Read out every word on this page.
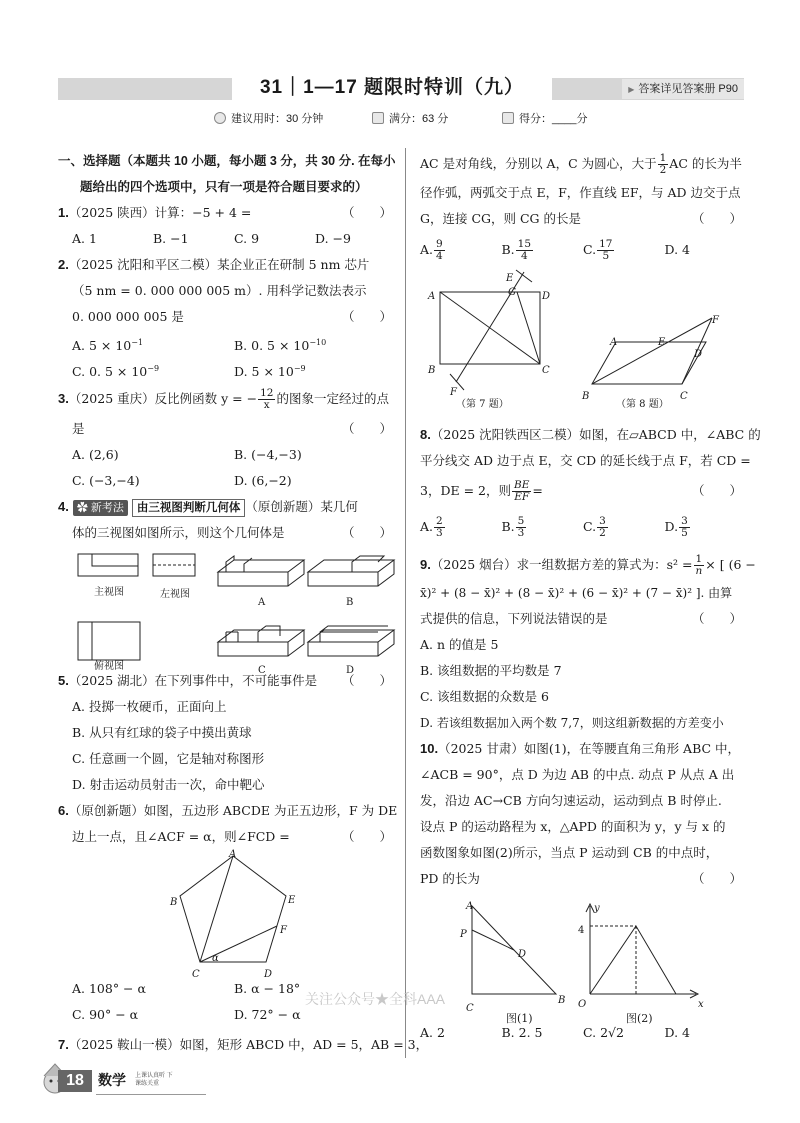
31｜1—17 题限时特训（九）	▶ 答案详见答案册 P90
建议用时：30 分钟	满分：63 分	得分：____分
一、选择题（本题共 10 小题，每小题 3 分，共 30 分. 在每小
题给出的四个选项中，只有一项是符合题目要求的）
1.（2025 陕西）计算：−5 + 4 =	（　　）
A. 1	B. −1	C. 9	D. −9
2.（2025 沈阳和平区二模）某企业正在研制 5 nm 芯片
（5 nm = 0. 000 000 005 m）. 用科学记数法表示
0. 000 000 005 是	（　　）
A. $5 \times 10^{-1}$	B. 0. $5 \times 10^{-10}$
C. 0. $5 \times 10^{-9}$	D. $5 \times 10^{-9}$
3.（2025 重庆）反比例函数 y = − $\frac{12}{x}$ 的图象一定经过的点
是	（　　）
A. (2,6)	B. (−4,−3)
C. (−3,−4)	D. (6,−2)
4. ✿ 新考法 由三视图判断几何体 （原创新题）某几何
体的三视图如图所示，则这个几何体是	（　　）
主视图	左视图
俯视图
A	B
C	D
5.（2025 湖北）在下列事件中，不可能事件是 （　　）
A. 投掷一枚硬币，正面向上
B. 从只有红球的袋子中摸出黄球
C. 任意画一个圆，它是轴对称图形
D. 射击运动员射击一次，命中靶心
6.（原创新题）如图，五边形 ABCDE 为正五边形，F 为 DE
边上一点，且∠ACF = α，则∠FCD =	（　　）
A
B
C	D
E
F
α
A. 108° − α	B. α − 18°
C. 90° − α	D. 72° − α
7.（2025 鞍山一模）如图，矩形 ABCD 中，AD = 5，AB = 3，
AC 是对角线，分别以 A，C 为圆心，大于 $\frac{1}{2}$ AC 的长为半
径作弧，两弧交于点 E，F，作直线 EF，与 AD 边交于点
G，连接 CG，则 CG 的长是	（　　）
A. $\frac{9}{4}$	B. $\frac{15}{4}$	C. $\frac{17}{5}$	D. 4
A
B	C
D
E
F
G
（第 7 题）
A
B	C
D
E
F
（第 8 题）
8.（2025 沈阳铁西区二模）如图，在▱ABCD 中，∠ABC 的
平分线交 AD 边于点 E，交 CD 的延长线于点 F，若 CD =
3，DE = 2，则 $\frac{BE}{EF}$ =	（　　）
A. $\frac{2}{3}$	B. $\frac{5}{3}$	C. $\frac{3}{2}$	D. $\frac{3}{5}$
9.（2025 烟台）求一组数据方差的算式为：$s^2 = \frac{1}{n}$ × [ (6 −
x̄)² + (8 − x̄)² + (8 − x̄)² + (6 − x̄)² + (7 − x̄)² ]. 由算
式提供的信息，下列说法错误的是	（　　）
A. n 的值是 5
B. 该组数据的平均数是 7
C. 该组数据的众数是 6
D. 若该组数据加入两个数 7,7，则这组新数据的方差变小
10.（2025 甘肃）如图(1)，在等腰直角三角形 ABC 中，
∠ACB = 90°，点 D 为边 AB 的中点. 动点 P 从点 A 出
发，沿边 AC→CB 方向匀速运动，运动到点 B 时停止.
设点 P 的运动路程为 x，△APD 的面积为 y，y 与 x 的
函数图象如图(2)所示，当点 P 运动到 CB 的中点时，
PD 的长为	（　　）
A
P
D
C
B
y
4
O	x
图(1)	图(2)
A. 2	B. 2. 5	C. 2√2	D. 4
关注公众号★全科AAA
18	数学 上课认真听 下课练关重
